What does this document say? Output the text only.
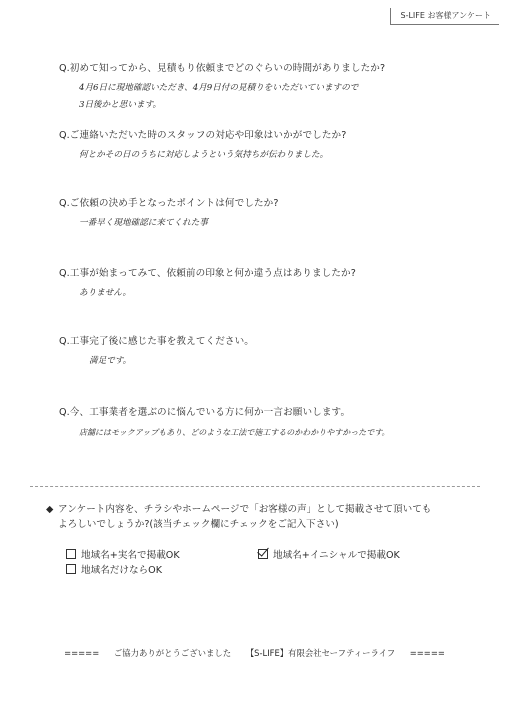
S-LIFE お客様アンケート
Q.初めて知ってから、見積もり依頼までどのぐらいの時間がありましたか?
4月6日に現地確認いただき、4月9日付の見積りをいただいていますので
3日後かと思います。
Q.ご連絡いただいた時のスタッフの対応や印象はいかがでしたか?
何とかその日のうちに対応しようという気持ちが伝わりました。
Q.ご依頼の決め手となったポイントは何でしたか?
一番早く現地確認に来てくれた事
Q.工事が始まってみて、依頼前の印象と何か違う点はありましたか?
ありません。
Q.工事完了後に感じた事を教えてください。
満足です。
Q.今、工事業者を選ぶのに悩んでいる方に何か一言お願いします。
店舗にはモックアップもあり、どのような工法で施工するのかわかりやすかったです。
◆ アンケート内容を、チラシやホームページで「お客様の声」として掲載させて頂いても
よろしいでしょうか?(該当チェック欄にチェックをご記入下さい)
地域名+実名で掲載OK	地域名+イニシャルで掲載OK
地域名だけならOK
===== ご協力ありがとうございました 【S-LIFE】有限会社セーフティーライフ =====
